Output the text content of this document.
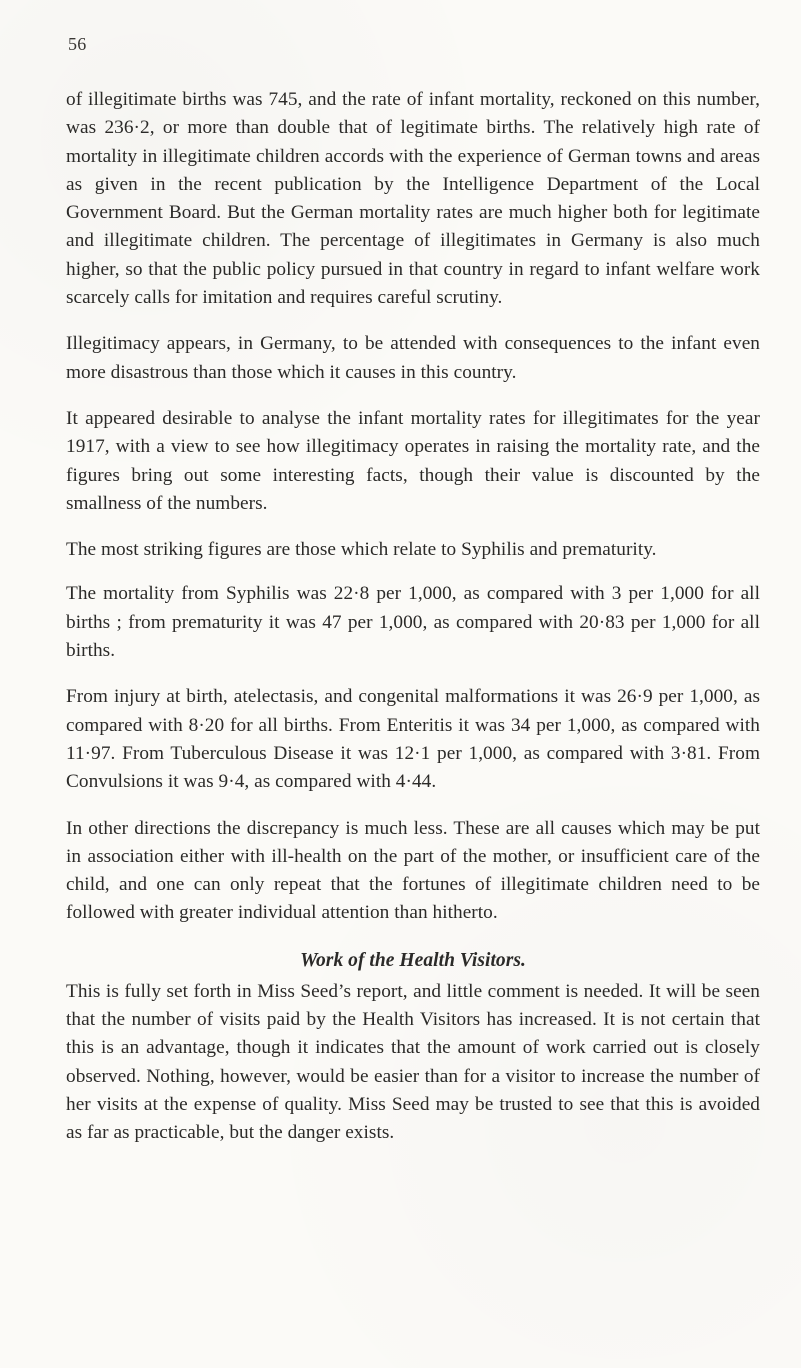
56

of illegitimate births was 745, and the rate of infant mortality, reckoned on this number, was 236·2, or more than double that of legitimate births. The relatively high rate of mortality in illegitimate children accords with the experience of German towns and areas as given in the recent publication by the Intelligence Department of the Local Government Board. But the German mortality rates are much higher both for legitimate and illegitimate children. The percentage of illegitimates in Germany is also much higher, so that the public policy pursued in that country in regard to infant welfare work scarcely calls for imitation and requires careful scrutiny.

Illegitimacy appears, in Germany, to be attended with consequences to the infant even more disastrous than those which it causes in this country.

It appeared desirable to analyse the infant mortality rates for illegitimates for the year 1917, with a view to see how illegitimacy operates in raising the mortality rate, and the figures bring out some interesting facts, though their value is discounted by the smallness of the numbers.

The most striking figures are those which relate to Syphilis and prematurity.

The mortality from Syphilis was 22·8 per 1,000, as compared with 3 per 1,000 for all births ; from prematurity it was 47 per 1,000, as compared with 20·83 per 1,000 for all births.

From injury at birth, atelectasis, and congenital malformations it was 26·9 per 1,000, as compared with 8·20 for all births. From Enteritis it was 34 per 1,000, as compared with 11·97. From Tuberculous Disease it was 12·1 per 1,000, as compared with 3·81. From Convulsions it was 9·4, as compared with 4·44.

In other directions the discrepancy is much less. These are all causes which may be put in association either with ill-health on the part of the mother, or insufficient care of the child, and one can only repeat that the fortunes of illegitimate children need to be followed with greater individual attention than hitherto.

Work of the Health Visitors.

This is fully set forth in Miss Seed’s report, and little comment is needed. It will be seen that the number of visits paid by the Health Visitors has increased. It is not certain that this is an advantage, though it indicates that the amount of work carried out is closely observed. Nothing, however, would be easier than for a visitor to increase the number of her visits at the expense of quality. Miss Seed may be trusted to see that this is avoided as far as practicable, but the danger exists.
